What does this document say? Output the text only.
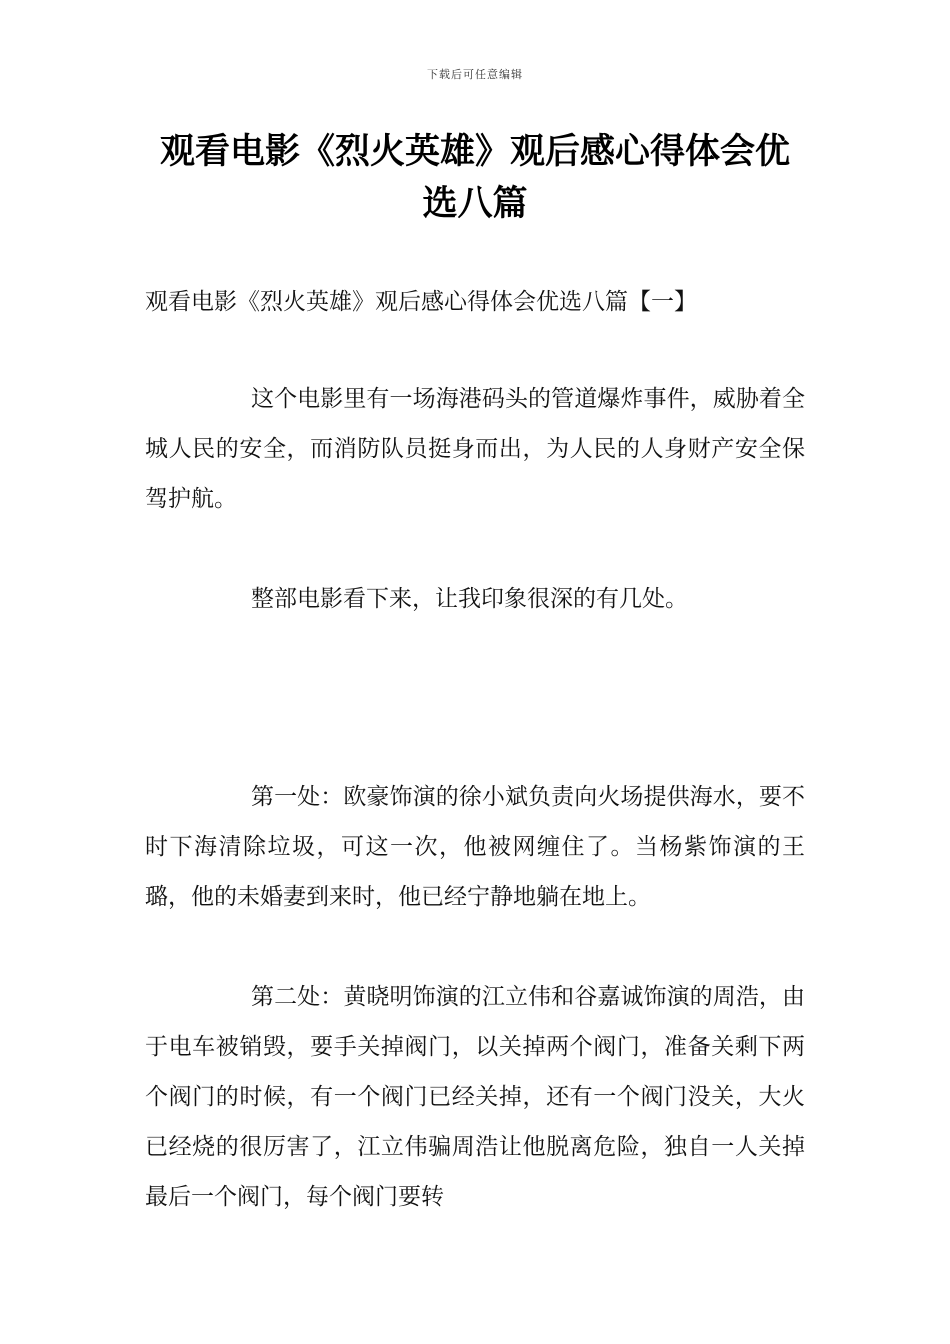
下载后可任意编辑
观看电影《烈火英雄》观后感心得体会优
选八篇
观看电影《烈火英雄》观后感心得体会优选八篇【一】

这个电影里有一场海港码头的管道爆炸事件，威胁着全城人民的安全，而消防队员挺身而出，为人民的人身财产安全保驾护航。

整部电影看下来，让我印象很深的有几处。

第一处：欧豪饰演的徐小斌负责向火场提供海水，要不时下海清除垃圾，可这一次，他被网缠住了。当杨紫饰演的王璐，他的未婚妻到来时，他已经宁静地躺在地上。

第二处：黄晓明饰演的江立伟和谷嘉诚饰演的周浩，由于电车被销毁，要手关掉阀门，以关掉两个阀门，准备关剩下两个阀门的时候，有一个阀门已经关掉，还有一个阀门没关，大火已经烧的很厉害了，江立伟骗周浩让他脱离危险，独自一人关掉最后一个阀门，每个阀门要转
